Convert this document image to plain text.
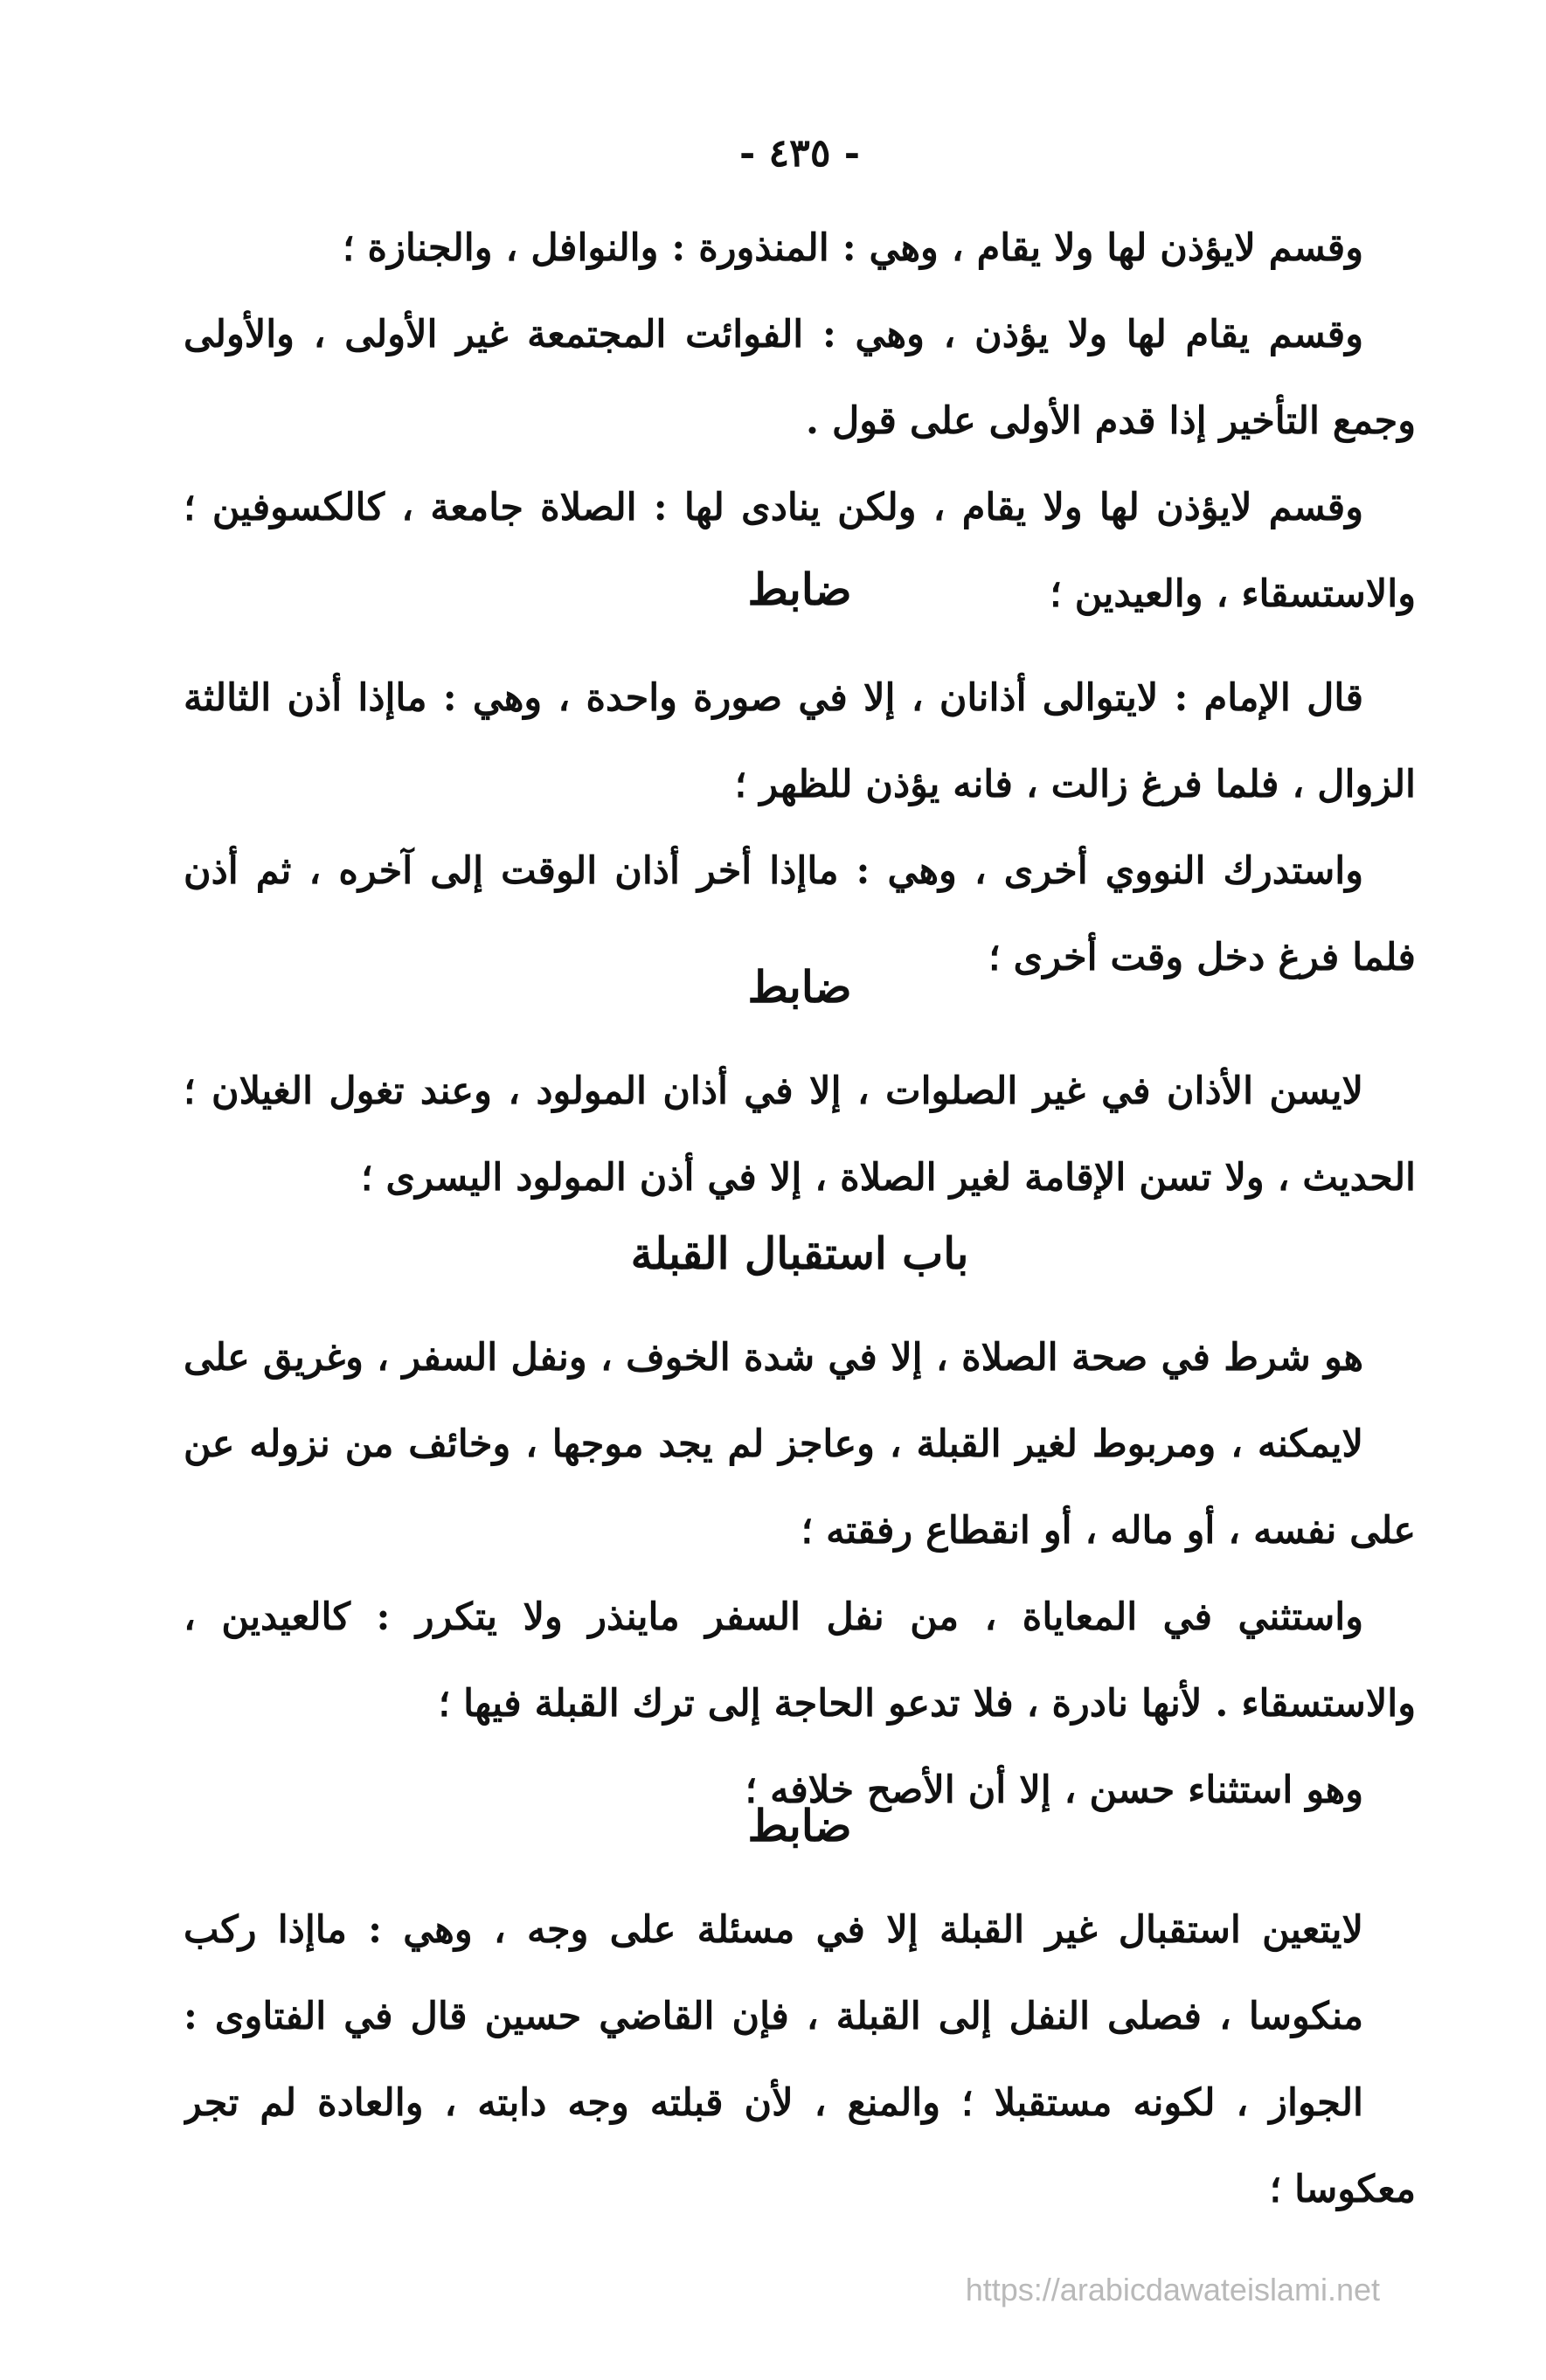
- ٤٣٥ -
وقسم لايؤذن لها ولا يقام ، وهي : المنذورة : والنوافل ، والجنازة ؛
وقسم يقام لها ولا يؤذن ، وهي : الفوائت المجتمعة غير الأولى ، والأولى
وجمع التأخير إذا قدم الأولى على قول .
وقسم لايؤذن لها ولا يقام ، ولكن ينادى لها : الصلاة جامعة ، كالكسوفين ؛
والاستسقاء ، والعيدين ؛
ضابط
قال الإمام : لايتوالى أذانان ، إلا في صورة واحدة ، وهي : ماإذا أذن الثالثة
الزوال ، فلما فرغ زالت ، فانه يؤذن للظهر ؛
واستدرك النووي أخرى ، وهي : ماإذا أخر أذان الوقت إلى آخره ، ثم أذن
فلما فرغ دخل وقت أخرى ؛
ضابط
لايسن الأذان في غير الصلوات ، إلا في أذان المولود ، وعند تغول الغيلان ؛
الحديث ، ولا تسن الإقامة لغير الصلاة ، إلا في أذن المولود اليسرى ؛
باب استقبال القبلة
هو شرط في صحة الصلاة ، إلا في شدة الخوف ، ونفل السفر ، وغريق على
لايمكنه ، ومربوط لغير القبلة ، وعاجز لم يجد موجها ، وخائف من نزوله عن
على نفسه ، أو ماله ، أو انقطاع رفقته ؛
واستثني في المعاياة ، من نفل السفر ماينذر ولا يتكرر : كالعيدين ،
والاستسقاء . لأنها نادرة ، فلا تدعو الحاجة إلى ترك القبلة فيها ؛
وهو استثناء حسن ، إلا أن الأصح خلافه ؛
ضابط
لايتعين استقبال غير القبلة إلا في مسئلة على وجه ، وهي : ماإذا ركب
منكوسا ، فصلى النفل إلى القبلة ، فإن القاضي حسين قال في الفتاوى :
الجواز ، لكونه مستقبلا ؛ والمنع ، لأن قبلته وجه دابته ، والعادة لم تجر
معكوسا ؛
https://arabicdawateislami.net
